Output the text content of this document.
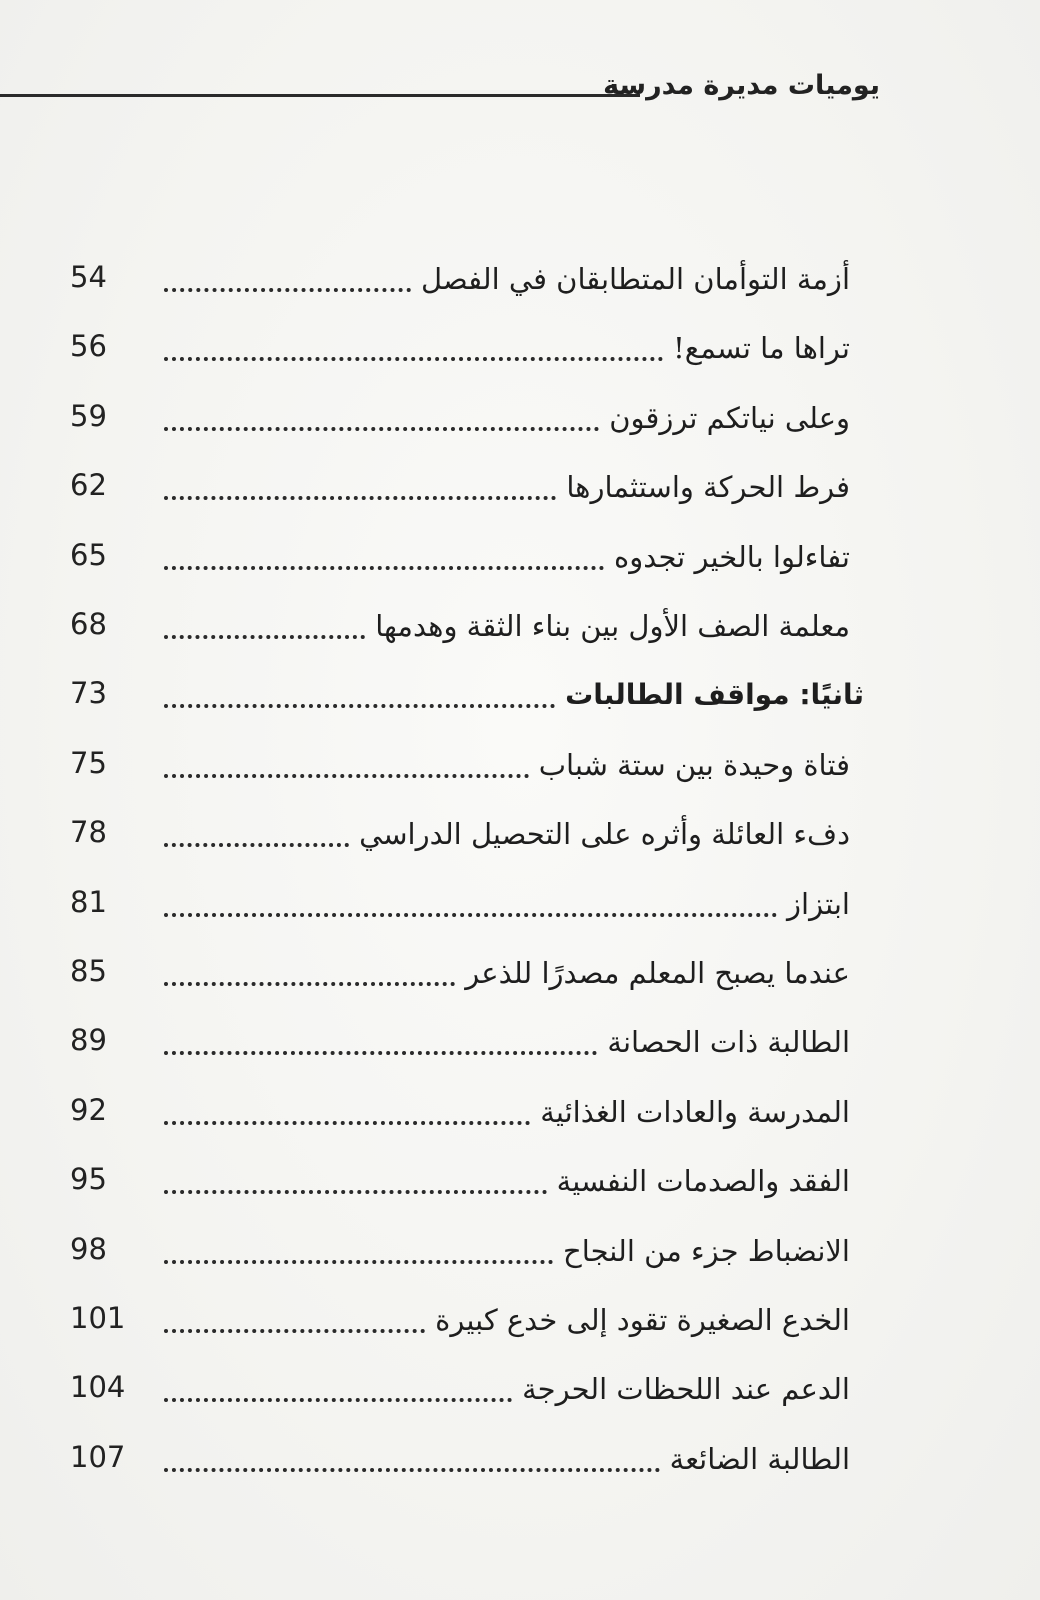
يوميات مديرة مدرسة
54	أزمة التوأمان المتطابقان في الفصل
56	تراها ما تسمع!
59	وعلى نياتكم ترزقون
62	فرط الحركة واستثمارها
65	تفاءلوا بالخير تجدوه
68	معلمة الصف الأول بين بناء الثقة وهدمها
73	ثانيًا: مواقف الطالبات
75	فتاة وحيدة بين ستة شباب
78	دفء العائلة وأثره على التحصيل الدراسي
81	ابتزاز
85	عندما يصبح المعلم مصدرًا للذعر
89	الطالبة ذات الحصانة
92	المدرسة والعادات الغذائية
95	الفقد والصدمات النفسية
98	الانضباط جزء من النجاح
101	الخدع الصغيرة تقود إلى خدع كبيرة
104	الدعم عند اللحظات الحرجة
107	الطالبة الضائعة
